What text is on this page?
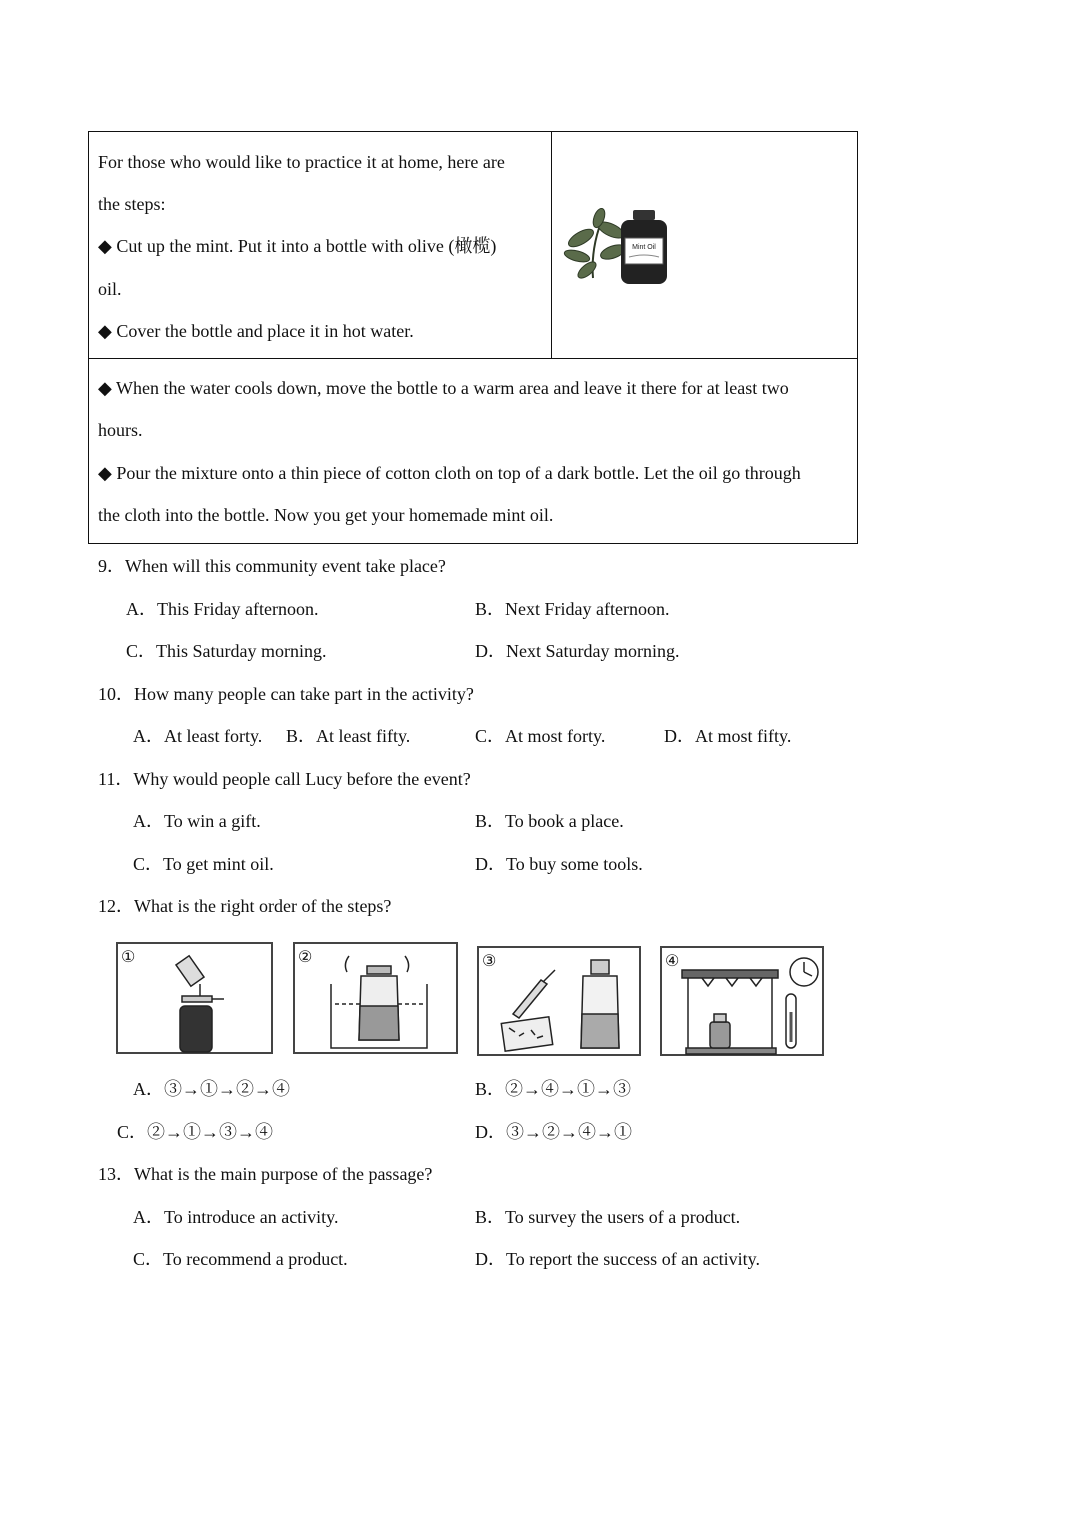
For those who would like to practice it at home, here are
the steps:
◆ Cut up the mint. Put it into a bottle with olive (橄榄)
oil.
◆ Cover the bottle and place it in hot water.
Mint Oil
◆ When the water cools down, move the bottle to a warm area and leave it there for at least two
hours.
◆ Pour the mixture onto a thin piece of cotton cloth on top of a dark bottle. Let the oil go through
the cloth into the bottle. Now you get your homemade mint oil.
9．When will this community event take place?
A．This Friday afternoon.	B．Next Friday afternoon.
C．This Saturday morning.	D．Next Saturday morning.
10．How many people can take part in the activity?
A．At least forty. B．At least fifty.	C．At most forty.	D．At most fifty.
11．Why would people call Lucy before the event?
A．To win a gift.	B．To book a place.
C．To get mint oil.	D．To buy some tools.
12．What is the right order of the steps?
①	②	③	④
A．③→①→②→④	B．②→④→①→③
C．②→①→③→④	D．③→②→④→①
13．What is the main purpose of the passage?
A．To introduce an activity.	B．To survey the users of a product.
C．To recommend a product.	D．To report the success of an activity.
